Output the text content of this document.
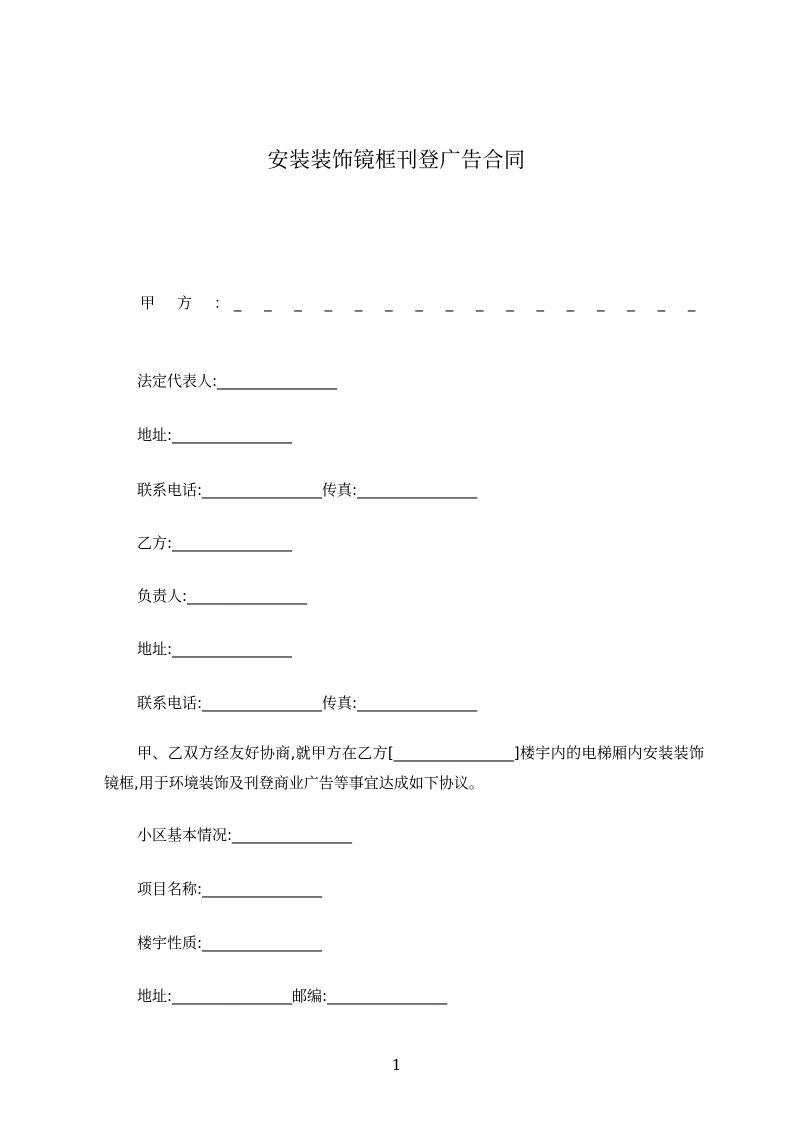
安装装饰镜框刊登广告合同
甲方： _ _ _ _ _ _ _ _ _ _ _ _ _ _ _ _
法定代表人:________________
地址:________________
联系电话:________________传真:________________
乙方:________________
负责人:________________
地址:________________
联系电话:________________传真:________________
甲、乙双方经友好协商,就甲方在乙方[________________]楼宇内的电梯厢内安装装饰镜框,用于环境装饰及刊登商业广告等事宜达成如下协议。
小区基本情况:________________
项目名称:________________
楼宇性质:________________
地址:________________邮编:________________
1
